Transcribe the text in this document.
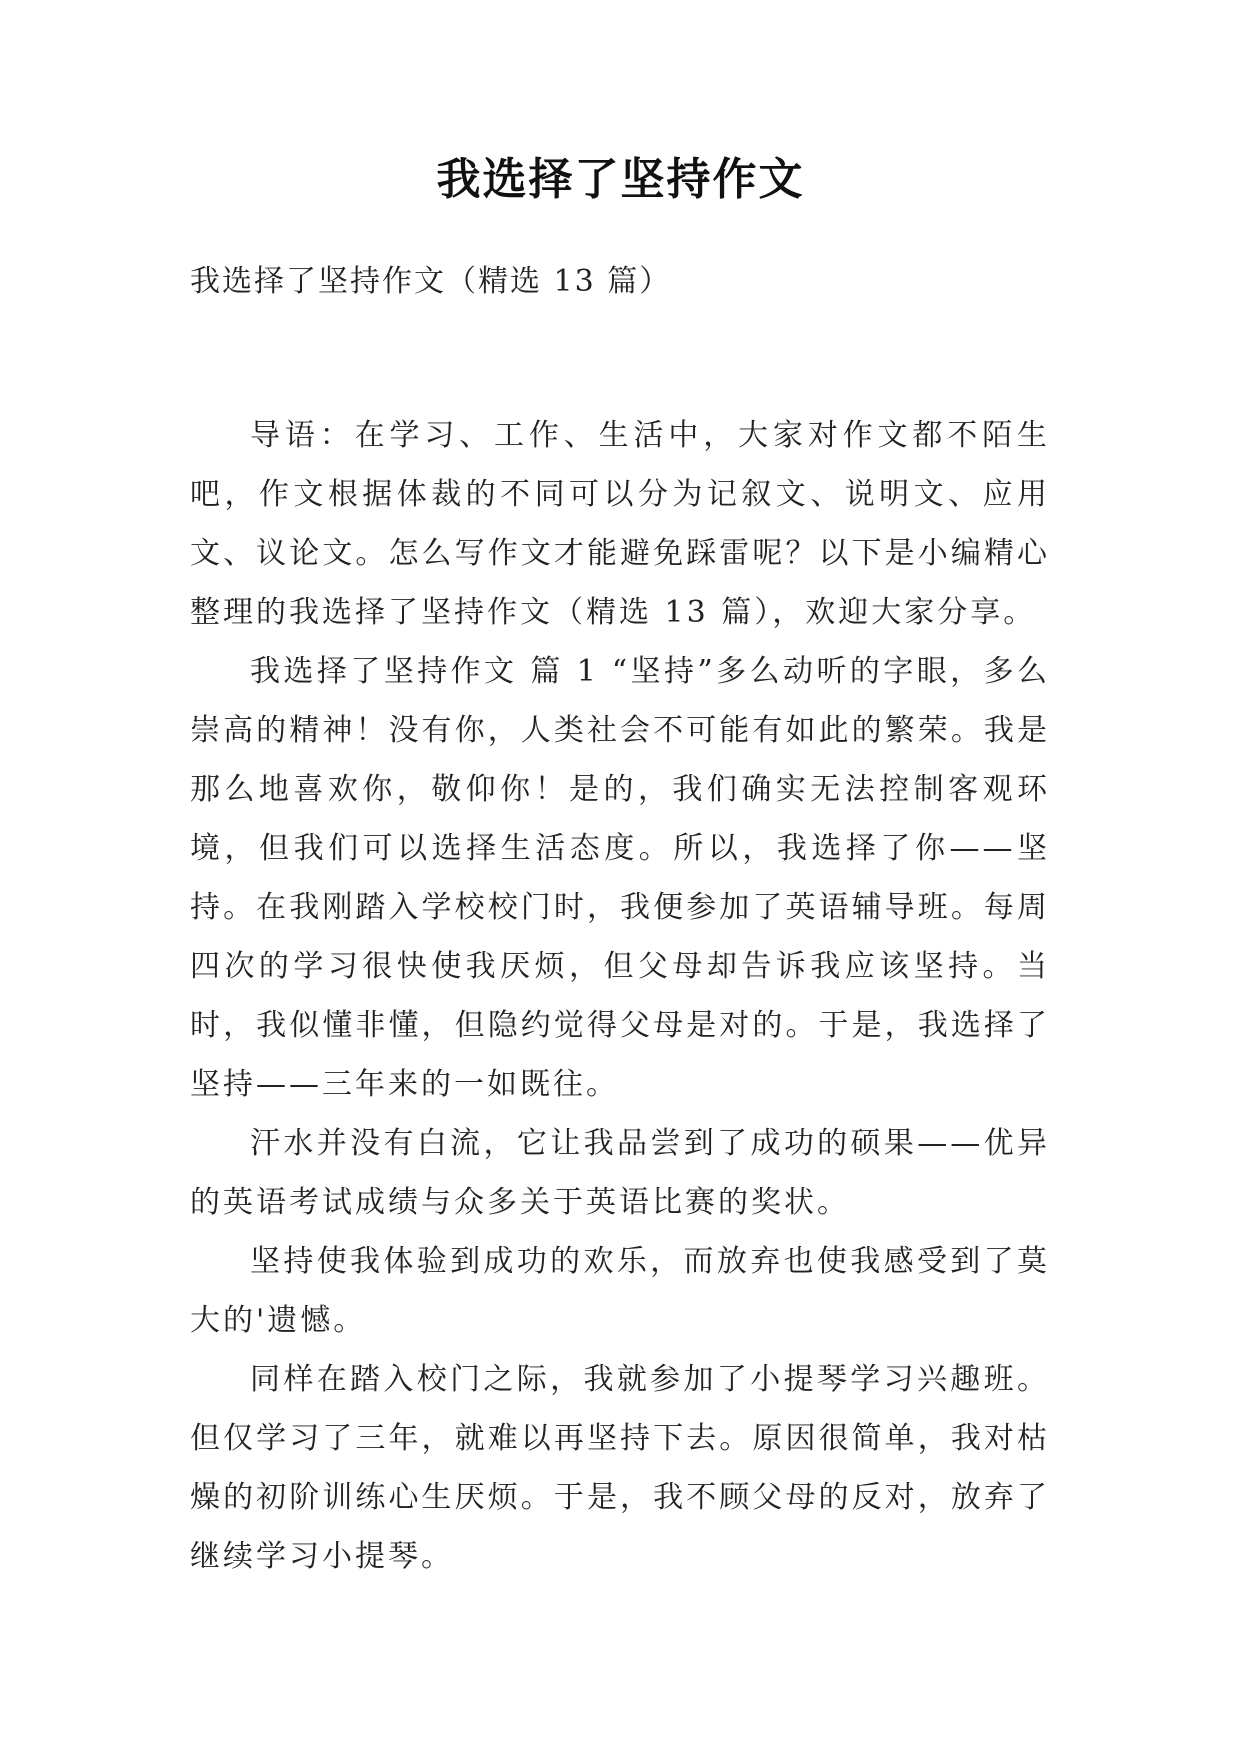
我选择了坚持作文
我选择了坚持作文（精选 13 篇）

导语：在学习、工作、生活中，大家对作文都不陌生吧，作文根据体裁的不同可以分为记叙文、说明文、应用文、议论文。怎么写作文才能避免踩雷呢？以下是小编精心整理的我选择了坚持作文（精选 13 篇），欢迎大家分享。

我选择了坚持作文 篇 1 “坚持”多么动听的字眼，多么崇高的精神！没有你，人类社会不可能有如此的繁荣。我是那么地喜欢你，敬仰你！是的，我们确实无法控制客观环境，但我们可以选择生活态度。所以，我选择了你——坚持。在我刚踏入学校校门时，我便参加了英语辅导班。每周四次的学习很快使我厌烦，但父母却告诉我应该坚持。当时，我似懂非懂，但隐约觉得父母是对的。于是，我选择了坚持——三年来的一如既往。

汗水并没有白流，它让我品尝到了成功的硕果——优异的英语考试成绩与众多关于英语比赛的奖状。

坚持使我体验到成功的欢乐，而放弃也使我感受到了莫大的'遗憾。

同样在踏入校门之际，我就参加了小提琴学习兴趣班。但仅学习了三年，就难以再坚持下去。原因很简单，我对枯燥的初阶训练心生厌烦。于是，我不顾父母的反对，放弃了继续学习小提琴。
